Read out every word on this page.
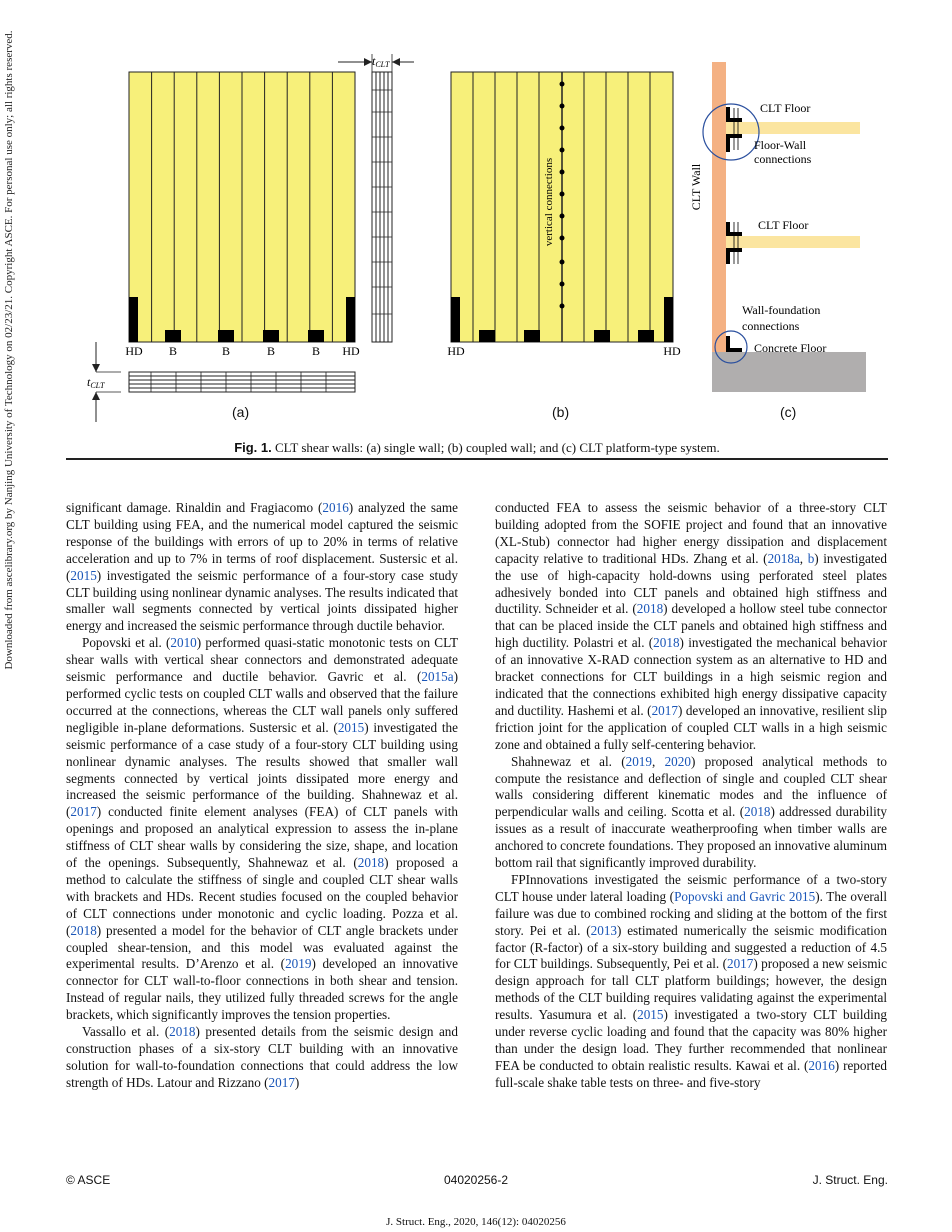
Downloaded from ascelibrary.org by Nanjing University of Technology on 02/23/21. Copyright ASCE. For personal use only; all rights reserved.	HD B	B	B	B HD
tCLT
tCLT
vertical connections
HD	HD
CLT Wall
CLT Floor
Floor-Wall
connections
CLT Floor
Wall-foundation
connections
Concrete Floor
(a)	(b)	(c)
Fig. 1. CLT shear walls: (a) single wall; (b) coupled wall; and (c) CLT platform-type system.

significant damage. Rinaldin and Fragiacomo (2016) analyzed the same CLT building using FEA, and the numerical model captured the seismic response of the buildings with errors of up to 20% in terms of relative acceleration and up to 7% in terms of roof displacement. Sustersic et al. (2015) investigated the seismic performance of a four-story case study CLT building using nonlinear dynamic analyses. The results indicated that smaller wall segments connected by vertical joints dissipated higher energy and increased the seismic performance through ductile behavior.

Popovski et al. (2010) performed quasi-static monotonic tests on CLT shear walls with vertical shear connectors and demonstrated adequate seismic performance and ductile behavior. Gavric et al. (2015a) performed cyclic tests on coupled CLT walls and observed that the failure occurred at the connections, whereas the CLT wall panels only suffered negligible in-plane deformations. Sustersic et al. (2015) investigated the seismic performance of a case study of a four-story CLT building using nonlinear dynamic analyses. The results showed that smaller wall segments connected by vertical joints dissipated more energy and increased the seismic performance of the building. Shahnewaz et al. (2017) conducted finite element analyses (FEA) of CLT panels with openings and proposed an analytical expression to assess the in-plane stiffness of CLT shear walls by considering the size, shape, and location of the openings. Subsequently, Shahnewaz et al. (2018) proposed a method to calculate the stiffness of single and coupled CLT shear walls with brackets and HDs. Recent studies focused on the coupled behavior of CLT connections under monotonic and cyclic loading. Pozza et al. (2018) presented a model for the behavior of CLT angle brackets under coupled shear-tension, and this model was evaluated against the experimental results. D’Arenzo et al. (2019) developed an innovative connector for CLT wall-to-floor connections in both shear and tension. Instead of regular nails, they utilized fully threaded screws for the angle brackets, which significantly improves the tension properties.

Vassallo et al. (2018) presented details from the seismic design and construction phases of a six-story CLT building with an innovative solution for wall-to-foundation connections that could address the low strength of HDs. Latour and Rizzano (2017)

conducted FEA to assess the seismic behavior of a three-story CLT building adopted from the SOFIE project and found that an innovative (XL-Stub) connector had higher energy dissipation and displacement capacity relative to traditional HDs. Zhang et al. (2018a, b) investigated the use of high-capacity hold-downs using perforated steel plates adhesively bonded into CLT panels and obtained high stiffness and ductility. Schneider et al. (2018) developed a hollow steel tube connector that can be placed inside the CLT panels and obtained high stiffness and high ductility. Polastri et al. (2018) investigated the mechanical behavior of an innovative X-RAD connection system as an alternative to HD and bracket connections for CLT buildings in a high seismic region and indicated that the connections exhibited high energy dissipative capacity and ductility. Hashemi et al. (2017) developed an innovative, resilient slip friction joint for the application of coupled CLT walls in a high seismic zone and obtained a fully self-centering behavior.

Shahnewaz et al. (2019, 2020) proposed analytical methods to compute the resistance and deflection of single and coupled CLT shear walls considering different kinematic modes and the influence of perpendicular walls and ceiling. Scotta et al. (2018) addressed durability issues as a result of inaccurate weatherproofing when timber walls are anchored to concrete foundations. They proposed an innovative aluminum bottom rail that significantly improved durability.

FPInnovations investigated the seismic performance of a two-story CLT house under lateral loading (Popovski and Gavric 2015). The overall failure was due to combined rocking and sliding at the bottom of the first story. Pei et al. (2013) estimated numerically the seismic modification factor (R-factor) of a six-story building and suggested a reduction of 4.5 for CLT buildings. Subsequently, Pei et al. (2017) proposed a new seismic design approach for tall CLT platform buildings; however, the design methods of the CLT building requires validating against the experimental results. Yasumura et al. (2015) investigated a two-story CLT building under reverse cyclic loading and found that the capacity was 80% higher than under the design load. They further recommended that nonlinear FEA be conducted to obtain realistic results. Kawai et al. (2016) reported full-scale shake table tests on three- and five-story

© ASCE	04020256-2	J. Struct. Eng.
J. Struct. Eng., 2020, 146(12): 04020256
